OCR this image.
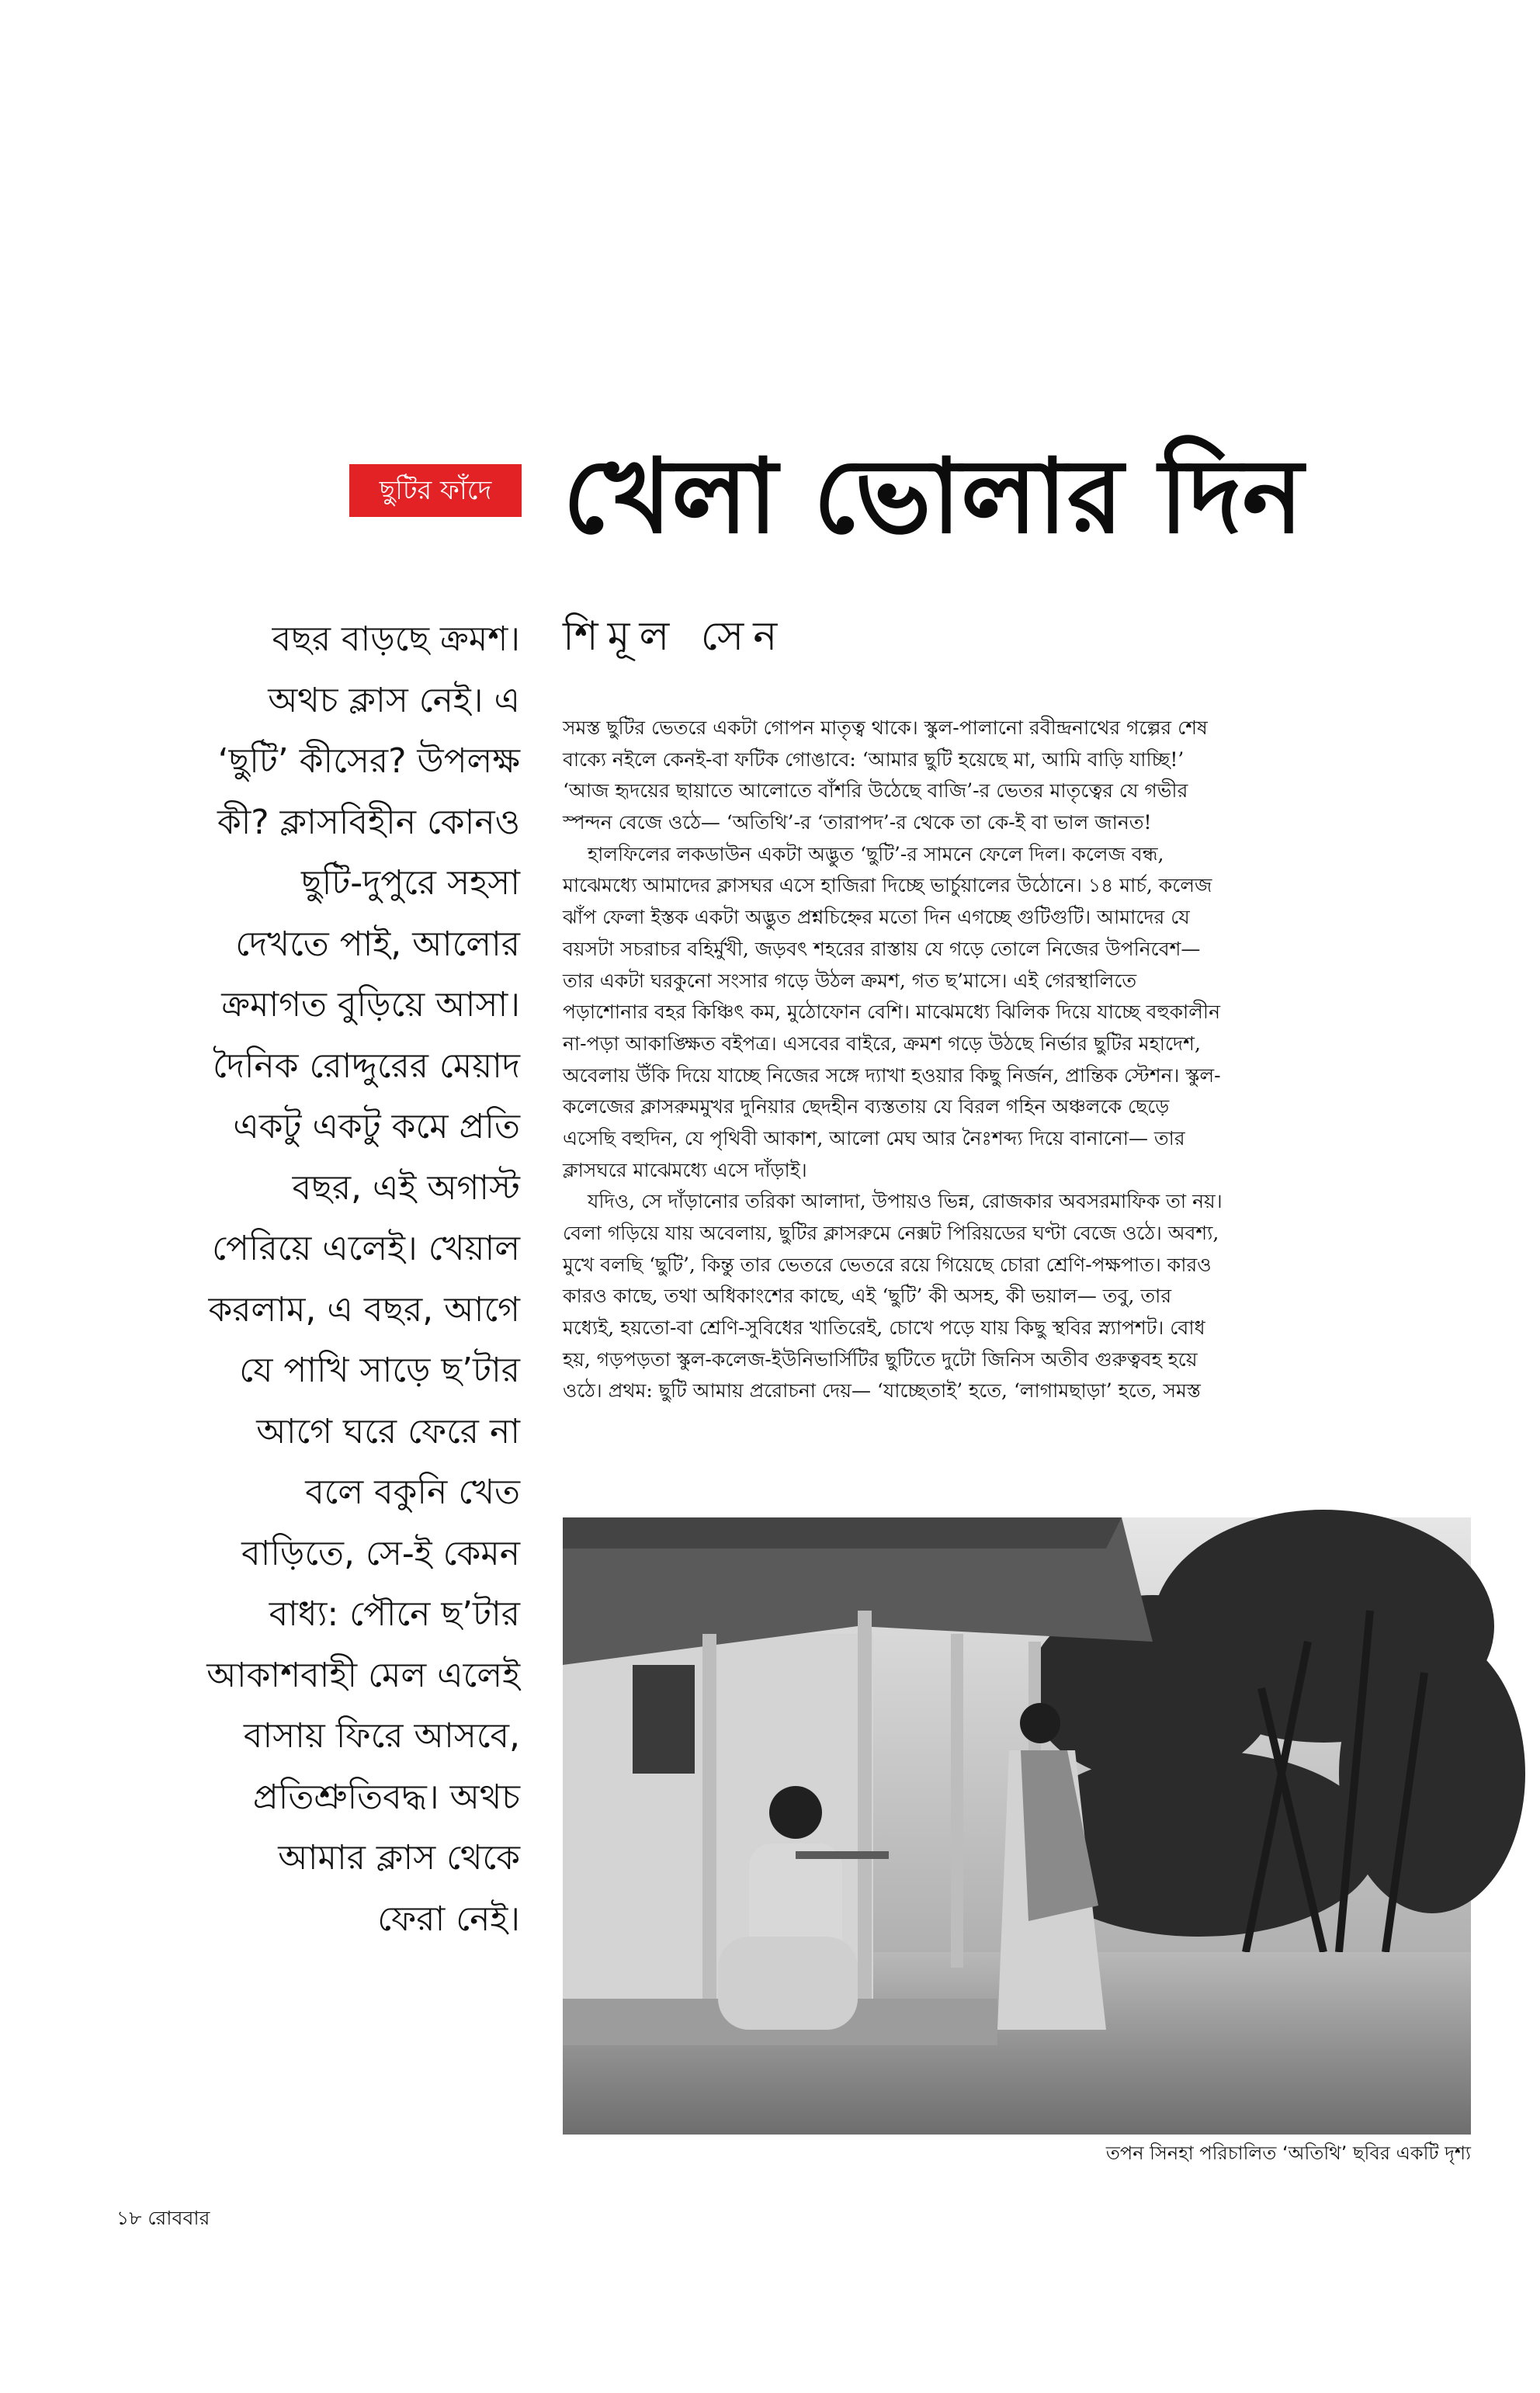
ছুটির ফাঁদে খেলা ভোলার দিন
শিমূল সেন
বছর বাড়ছে ক্রমশ।
অথচ ক্লাস নেই। এ
‘ছুটি’ কীসের? উপলক্ষ
কী? ক্লাসবিহীন কোনও
ছুটি-দুপুরে সহসা
দেখতে পাই, আলোর
ক্রমাগত বুড়িয়ে আসা।
দৈনিক রোদ্দুরের মেয়াদ
একটু একটু কমে প্রতি
বছর, এই অগাস্ট
পেরিয়ে এলেই। খেয়াল
করলাম, এ বছর, আগে
যে পাখি সাড়ে ছ’টার
আগে ঘরে ফেরে না
বলে বকুনি খেত
বাড়িতে, সে-ই কেমন
বাধ্য: পৌনে ছ’টার
আকাশবাহী মেল এলেই
বাসায় ফিরে আসবে,
প্রতিশ্রুতিবদ্ধ। অথচ
আমার ক্লাস থেকে
ফেরা নেই।
সমস্ত ছুটির ভেতরে একটা গোপন মাতৃত্ব থাকে। স্কুল-পালানো রবীন্দ্রনাথের গল্পের শেষ
বাক্যে নইলে কেনই-বা ফটিক গোঙাবে: ‘আমার ছুটি হয়েছে মা, আমি বাড়ি যাচ্ছি!’
‘আজ হৃদয়ের ছায়াতে আলোতে বাঁশরি উঠেছে বাজি’-র ভেতর মাতৃত্বের যে গভীর
স্পন্দন বেজে ওঠে— ‘অতিথি’-র ‘তারাপদ’-র থেকে তা কে-ই বা ভাল জানত!
হালফিলের লকডাউন একটা অদ্ভুত ‘ছুটি’-র সামনে ফেলে দিল। কলেজ বন্ধ,
মাঝেমধ্যে আমাদের ক্লাসঘর এসে হাজিরা দিচ্ছে ভার্চুয়ালের উঠোনে। ১৪ মার্চ, কলেজ
ঝাঁপ ফেলা ইস্তক একটা অদ্ভুত প্রশ্নচিহ্নের মতো দিন এগচ্ছে গুটিগুটি। আমাদের যে
বয়সটা সচরাচর বহির্মুখী, জড়বৎ শহরের রাস্তায় যে গড়ে তোলে নিজের উপনিবেশ—
তার একটা ঘরকুনো সংসার গড়ে উঠল ক্রমশ, গত ছ’মাসে। এই গেরস্থালিতে
পড়াশোনার বহর কিঞ্চিৎ কম, মুঠোফোন বেশি। মাঝেমধ্যে ঝিলিক দিয়ে যাচ্ছে বহুকালীন
না-পড়া আকাঙ্ক্ষিত বইপত্র। এসবের বাইরে, ক্রমশ গড়ে উঠছে নির্ভার ছুটির মহাদেশ,
অবেলায় উঁকি দিয়ে যাচ্ছে নিজের সঙ্গে দ্যাখা হওয়ার কিছু নির্জন, প্রান্তিক স্টেশন। স্কুল-
কলেজের ক্লাসরুমমুখর দুনিয়ার ছেদহীন ব্যস্ততায় যে বিরল গহিন অঞ্চলকে ছেড়ে
এসেছি বহুদিন, যে পৃথিবী আকাশ, আলো মেঘ আর নৈঃশব্দ্য দিয়ে বানানো— তার
ক্লাসঘরে মাঝেমধ্যে এসে দাঁড়াই।
যদিও, সে দাঁড়ানোর তরিকা আলাদা, উপায়ও ভিন্ন, রোজকার অবসরমাফিক তা নয়।
বেলা গড়িয়ে যায় অবেলায়, ছুটির ক্লাসরুমে নেক্সট পিরিয়ডের ঘণ্টা বেজে ওঠে। অবশ্য,
মুখে বলছি ‘ছুটি’, কিন্তু তার ভেতরে ভেতরে রয়ে গিয়েছে চোরা শ্রেণি-পক্ষপাত। কারও
কারও কাছে, তথা অধিকাংশের কাছে, এই ‘ছুটি’ কী অসহ, কী ভয়াল— তবু, তার
মধ্যেই, হয়তো-বা শ্রেণি-সুবিধের খাতিরেই, চোখে পড়ে যায় কিছু স্থবির স্ন্যাপশট। বোধ
হয়, গড়পড়তা স্কুল-কলেজ-ইউনিভার্সিটির ছুটিতে দুটো জিনিস অতীব গুরুত্ববহ হয়ে
ওঠে। প্রথম: ছুটি আমায় প্ররোচনা দেয়— ‘যাচ্ছেতাই’ হতে, ‘লাগামছাড়া’ হতে, সমস্ত
তপন সিনহা পরিচালিত ‘অতিথি’ ছবির একটি দৃশ্য
১৮ রোববার
